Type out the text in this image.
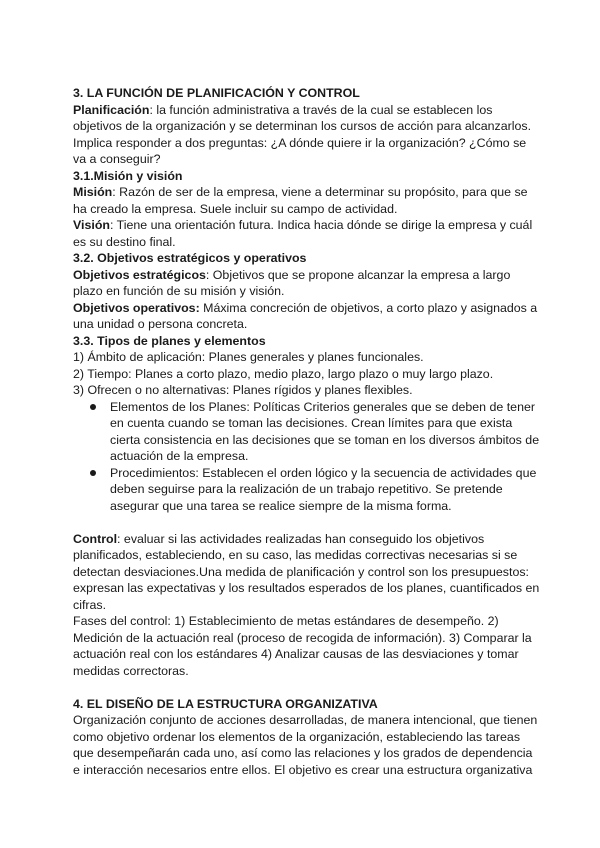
3. LA FUNCIÓN DE PLANIFICACIÓN Y CONTROL
Planificación: la función administrativa a través de la cual se establecen los
objetivos de la organización y se determinan los cursos de acción para alcanzarlos.
Implica responder a dos preguntas: ¿A dónde quiere ir la organización? ¿Cómo se
va a conseguir?
3.1.Misión y visión
Misión: Razón de ser de la empresa, viene a determinar su propósito, para que se
ha creado la empresa. Suele incluir su campo de actividad.
Visión: Tiene una orientación futura. Indica hacia dónde se dirige la empresa y cuál
es su destino final.
3.2. Objetivos estratégicos y operativos
Objetivos estratégicos: Objetivos que se propone alcanzar la empresa a largo
plazo en función de su misión y visión.
Objetivos operativos: Máxima concreción de objetivos, a corto plazo y asignados a
una unidad o persona concreta.
3.3. Tipos de planes y elementos
1) Ámbito de aplicación: Planes generales y planes funcionales.
2) Tiempo: Planes a corto plazo, medio plazo, largo plazo o muy largo plazo.
3) Ofrecen o no alternativas: Planes rígidos y planes flexibles.
Elementos de los Planes: Políticas Criterios generales que se deben de tener
en cuenta cuando se toman las decisiones. Crean límites para que exista
cierta consistencia en las decisiones que se toman en los diversos ámbitos de
actuación de la empresa.
Procedimientos: Establecen el orden lógico y la secuencia de actividades que
deben seguirse para la realización de un trabajo repetitivo. Se pretende
asegurar que una tarea se realice siempre de la misma forma.
Control: evaluar si las actividades realizadas han conseguido los objetivos
planificados, estableciendo, en su caso, las medidas correctivas necesarias si se
detectan desviaciones.Una medida de planificación y control son los presupuestos:
expresan las expectativas y los resultados esperados de los planes, cuantificados en
cifras.
Fases del control: 1) Establecimiento de metas estándares de desempeño. 2)
Medición de la actuación real (proceso de recogida de información). 3) Comparar la
actuación real con los estándares 4) Analizar causas de las desviaciones y tomar
medidas correctoras.
4. EL DISEÑO DE LA ESTRUCTURA ORGANIZATIVA
Organización conjunto de acciones desarrolladas, de manera intencional, que tienen
como objetivo ordenar los elementos de la organización, estableciendo las tareas
que desempeñarán cada uno, así como las relaciones y los grados de dependencia
e interacción necesarios entre ellos. El objetivo es crear una estructura organizativa
